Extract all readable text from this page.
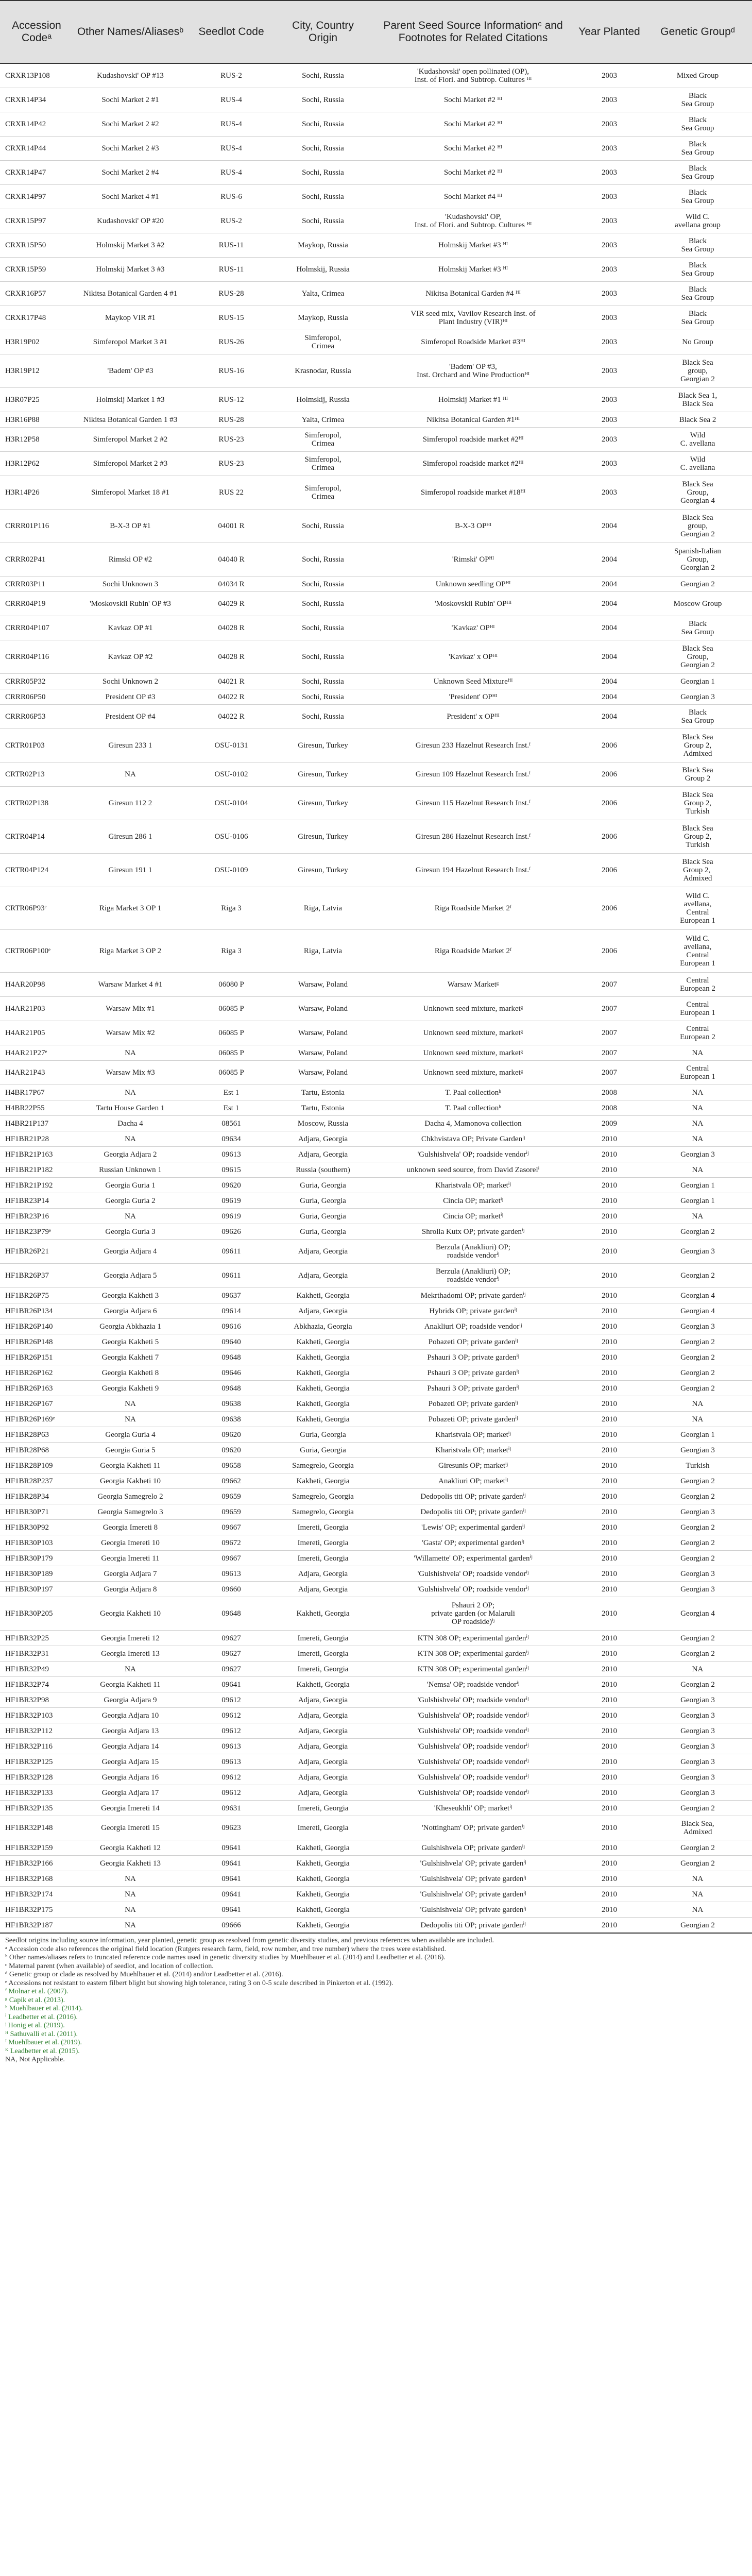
Accession Codeᵃ	Other Names/Aliasesᵇ	Seedlot Code	City, Country Origin	Parent Seed Source Informationᶜ and Footnotes for Related Citations	Year Planted	Genetic Groupᵈ
CRXR13P108	Kudashovski' OP #13	RUS-2	Sochi, Russia	'Kudashovski' open pollinated (OP),
Inst. of Flori. and Subtrop. Cultures ᴴᴵ	2003	Mixed Group
CRXR14P34	Sochi Market 2 #1	RUS-4	Sochi, Russia	Sochi Market #2 ᴴᴵ	2003	Black
Sea Group
CRXR14P42	Sochi Market 2 #2	RUS-4	Sochi, Russia	Sochi Market #2 ᴴᴵ	2003	Black
Sea Group
CRXR14P44	Sochi Market 2 #3	RUS-4	Sochi, Russia	Sochi Market #2 ᴴᴵ	2003	Black
Sea Group
CRXR14P47	Sochi Market 2 #4	RUS-4	Sochi, Russia	Sochi Market #2 ᴴᴵ	2003	Black
Sea Group
CRXR14P97	Sochi Market 4 #1	RUS-6	Sochi, Russia	Sochi Market #4 ᴴᴵ	2003	Black
Sea Group
CRXR15P97	Kudashovski' OP #20	RUS-2	Sochi, Russia	'Kudashovski' OP,
Inst. of Flori. and Subtrop. Cultures ᴴᴵ	2003	Wild C.
avellana group
CRXR15P50	Holmskij Market 3 #2	RUS-11	Maykop, Russia	Holmskij Market #3 ᴴᴵ	2003	Black
Sea Group
CRXR15P59	Holmskij Market 3 #3	RUS-11	Holmskij, Russia	Holmskij Market #3 ᴴᴵ	2003	Black
Sea Group
CRXR16P57	Nikitsa Botanical Garden 4 #1	RUS-28	Yalta, Crimea	Nikitsa Botanical Garden #4 ᴴᴵ	2003	Black
Sea Group
CRXR17P48	Maykop VIR #1	RUS-15	Maykop, Russia	VIR seed mix, Vavilov Research Inst. of
Plant Industry (VIR)ᴴᴵ	2003	Black
Sea Group
H3R19P02	Simferopol Market 3 #1	RUS-26	Simferopol,
Crimea	Simferopol Roadside Market #3ᴴᴵ	2003	No Group
H3R19P12	'Badem' OP #3	RUS-16	Krasnodar, Russia	'Badem' OP #3,
Inst. Orchard and Wine Productionᴴᴵ	2003	Black Sea
group,
Georgian 2
H3R07P25	Holmskij Market 1 #3	RUS-12	Holmskij, Russia	Holmskij Market #1 ᴴᴵ	2003	Black Sea 1,
Black Sea
H3R16P88	Nikitsa Botanical Garden 1 #3	RUS-28	Yalta, Crimea	Nikitsa Botanical Garden #1ᴴᴵ	2003	Black Sea 2
H3R12P58	Simferopol Market 2 #2	RUS-23	Simferopol,
Crimea	Simferopol roadside market #2ᴴᴵ	2003	Wild
C. avellana
H3R12P62	Simferopol Market 2 #3	RUS-23	Simferopol,
Crimea	Simferopol roadside market #2ᴴᴵ	2003	Wild
C. avellana
H3R14P26	Simferopol Market 18 #1	RUS 22	Simferopol,
Crimea	Simferopol roadside market #18ᴴᴵ	2003	Black Sea
Group,
Georgian 4
CRRR01P116	B-X-3 OP #1	04001 R	Sochi, Russia	B-X-3 OPᴴᴵ	2004	Black Sea
group,
Georgian 2
CRRR02P41	Rimski OP #2	04040 R	Sochi, Russia	'Rimski' OPᴴᴵ	2004	Spanish-Italian
Group,
Georgian 2
CRRR03P11	Sochi Unknown 3	04034 R	Sochi, Russia	Unknown seedling OPᴴᴵ	2004	Georgian 2
CRRR04P19	'Moskovskii Rubin' OP #3	04029 R	Sochi, Russia	'Moskovskii Rubin' OPᴴᴵ	2004	Moscow Group
CRRR04P107	Kavkaz OP #1	04028 R	Sochi, Russia	'Kavkaz' OPᴴᴵ	2004	Black
Sea Group
CRRR04P116	Kavkaz OP #2	04028 R	Sochi, Russia	'Kavkaz' x OPᴴᴵ	2004	Black Sea
Group,
Georgian 2
CRRR05P32	Sochi Unknown 2	04021 R	Sochi, Russia	Unknown Seed Mixtureᴴᴵ	2004	Georgian 1
CRRR06P50	President OP #3	04022 R	Sochi, Russia	'President' OPᴴᴵ	2004	Georgian 3
CRRR06P53	President OP #4	04022 R	Sochi, Russia	President' x OPᴴᴵ	2004	Black
Sea Group
CRTR01P03	Giresun 233 1	OSU-0⁠131	Giresun, Turkey	Giresun 233 Hazelnut Research Inst.ᶠ	2006	Black Sea
Group 2,
Admixed
CRTR02P13	NA	OSU-0⁠102	Giresun, Turkey	Giresun 109 Hazelnut Research Inst.ᶠ	2006	Black Sea
Group 2
CRTR02P138	Giresun 112 2	OSU-0⁠104	Giresun, Turkey	Giresun 115 Hazelnut Research Inst.ᶠ	2006	Black Sea
Group 2,
Turkish
CRTR04P14	Giresun 286 1	OSU-0⁠106	Giresun, Turkey	Giresun 286 Hazelnut Research Inst.ᶠ	2006	Black Sea
Group 2,
Turkish
CRTR04P124	Giresun 191 1	OSU-0⁠109	Giresun, Turkey	Giresun 194 Hazelnut Research Inst.ᶠ	2006	Black Sea
Group 2, ⁠⁠
Admixed
CRTR06P93ᵉ	Riga Market 3 OP 1	Riga 3	Riga, Latvia	Riga Roadside Market 2ᶠ	2006	Wild C.
avellana,
Central
European 1
CRTR06P100ᵉ	Riga Market 3 OP 2	Riga 3	Riga, Latvia	Riga Roadside Market 2ᶠ	2006	Wild C.
avellana,
Central
European 1
H4AR20P98	Warsaw Market 4 #1	06080 P	Warsaw, Poland	Warsaw Marketᵍ	2007	Central
European 2
H4AR21P03	Warsaw Mix #1	06085 P	Warsaw, Poland	Unknown seed mixture, marketᵍ	2007	Central
European 1
H4AR21P05	Warsaw Mix #2	06085 P	Warsaw, Poland	Unknown seed mixture, marketᵍ	2007	Central
European 2
H4AR21P27ᵉ	NA	06085 P	Warsaw, Poland	Unknown seed mixture, marketᵍ	2007	NA
H4AR21P43	Warsaw Mix #3	06085 P	Warsaw, Poland	Unknown seed mixture, marketᵍ	2007	Central
European 1
H4BR17P67	NA	Est 1	Tartu, Estonia	T. Paal collectionʰ	2008	NA
H4BR22P55	Tartu House Garden 1	Est 1	Tartu, Estonia	T. Paal collectionʰ	2008	NA
H4BR21P137	Dacha 4	08561	Moscow, Russia	Dacha 4, Mamonova collection	2009	NA
HF1BR21P28	NA	09634	Adjara, Georgia	Chkhvistava OP; Private Gardenⁱʲ	2010	NA
HF1BR21P163	Georgia Adjara 2	09613	Adjara, Georgia	'Gulshishvela' OP; roadside vendorⁱʲ	2010	Georgian 3
HF1BR21P182	Russian Unknown 1	09615	Russia (southern)	unknown seed source, from David Zasorelⁱ	2010	NA
HF1BR21P192	Georgia Guria 1	09620	Guria, Georgia	Kharistvala OP; marketⁱʲ	2010	Georgian 1
HF1BR23P14	Georgia Guria 2	09619	Guria, Georgia	Cincia OP; marketⁱʲ	2010	Georgian 1
HF1BR23P16	NA	09619	Guria, Georgia	Cincia OP; marketⁱʲ	2010	NA
HF1BR23P79ᵉ	Georgia Guria 3	09626	Guria, Georgia	Shrolia Kutx OP; private gardenⁱʲ	2010	Georgian 2
HF1BR26P21	Georgia Adjara 4	09611	Adjara, Georgia	Berzula (Anakliuri) OP;
roadside vendorⁱʲ	2010	Georgian 3
HF1BR26P37	Georgia Adjara 5	09611	Adjara, Georgia	Berzula (Anakliuri) OP;
roadside vendorⁱʲ	2010	Georgian 2
HF1BR26P75	Georgia Kakheti 3	09637	Kakheti, Georgia	Mekrthadomi OP; private gardenⁱʲ	2010	Georgian 4
HF1BR26P134	Georgia Adjara 6	09614	Adjara, Georgia	Hybrids OP; private gardenⁱʲ	2010	Georgian 4
HF1BR26P140	Georgia Abkhazia 1	09616	Abkhazia, Georgia	Anakliuri OP; roadside vendorⁱʲ	2010	Georgian 3
HF1BR26P148	Georgia Kakheti 5	09640	Kakheti, Georgia	Pobazeti OP; private gardenⁱʲ	2010	Georgian 2
HF1BR26P151	Georgia Kakheti 7	09648	Kakheti, Georgia	Pshauri 3 OP; private gardenⁱʲ	2010	Georgian 2
HF1BR26P162	Georgia Kakheti 8	09646	Kakheti, Georgia	Pshauri 3 OP; private gardenⁱʲ	2010	Georgian 2
HF1BR26P163	Georgia Kakheti 9	09648	Kakheti, Georgia	Pshauri 3 OP; private gardenⁱʲ	2010	Georgian 2
HF1BR26P167	NA	09638	Kakheti, Georgia	Pobazeti OP; private gardenⁱʲ	2010	NA
HF1BR26P169ᵉ	NA	09638	Kakheti, Georgia	Pobazeti OP; private gardenⁱʲ	2010	NA
HF1BR28P63	Georgia Guria 4	09620	Guria, Georgia	Kharistvala OP; marketⁱʲ	2010	Georgian 1
HF1BR28P68	Georgia Guria 5	09620	Guria, Georgia	Kharistvala OP; marketⁱʲ	2010	Georgian 3
HF1BR28P109	Georgia Kakheti 11	09658	Samegrelo, Georgia	Giresunis OP; marketⁱʲ	2010	Turkish
HF1BR28P237	Georgia Kakheti 10	09662	Kakheti, Georgia	Anakliuri OP; marketⁱʲ	2010	Georgian 2
HF1BR28P34	Georgia Samegrelo 2	09659	Samegrelo, Georgia	Dedopolis titi OP; private gardenⁱʲ	2010	Georgian 2
HF1BR30P71	Georgia Samegrelo 3	09659	Samegrelo, Georgia	Dedopolis titi OP; private gardenⁱʲ	2010	Georgian 3
HF1BR30P92	Georgia Imereti 8	09667	Imereti, Georgia	'Lewis' OP; experimental gardenⁱʲ	2010	Georgian 2
HF1BR30P103	Georgia Imereti 10	09672	Imereti, Georgia	'Gasta' OP; experimental gardenⁱʲ	2010	Georgian 2
HF1BR30P179	Georgia Imereti 11	09667	Imereti, Georgia	'Willamette' OP; experimental gardenⁱʲ	2010	Georgian 2
HF1BR30P189	Georgia Adjara 7	09613	Adjara, Georgia	'Gulshishvela' OP; roadside vendorⁱʲ	2010	Georgian 3
HF1BR30P197	Georgia Adjara 8	09660	Adjara, Georgia	'Gulshishvela' OP; roadside vendorⁱʲ	2010	Georgian 3
HF1BR30P205	Georgia Kakheti 10	09648	Kakheti, Georgia	Pshauri 2 OP;
private garden (or Malaruli
OP roadside)ⁱʲ	2010	Georgian 4
HF1BR32P25	Georgia Imereti 12	09627	Imereti, Georgia	KTN 308 OP; experimental gardenⁱʲ	2010	Georgian 2
HF1BR32P31	Georgia Imereti 13	09627	Imereti, Georgia	KTN 308 OP; experimental gardenⁱʲ	2010	Georgian 2
HF1BR32P49	NA	09627	Imereti, Georgia	KTN 308 OP; experimental gardenⁱʲ	2010	NA
HF1BR32P74	Georgia Kakheti 11	09641	Kakheti, Georgia	'Nemsa' OP; roadside vendorⁱʲ	2010	Georgian 2
HF1BR32P98	Georgia Adjara 9	09612	Adjara, Georgia	'Gulshishvela' OP; roadside vendorⁱʲ	2010	Georgian 3
HF1BR32P103	Georgia Adjara 10	09612	Adjara, Georgia	'Gulshishvela' OP; roadside vendorⁱʲ	2010	Georgian 3
HF1BR32P112	Georgia Adjara 13	09612	Adjara, Georgia	'Gulshishvela' OP; roadside vendorⁱʲ	2010	Georgian 3
HF1BR32P116	Georgia Adjara 14	09613	Adjara, Georgia	'Gulshishvela' OP; roadside vendorⁱʲ	2010	Georgian 3
HF1BR32P125	Georgia Adjara 15	09613	Adjara, Georgia	'Gulshishvela' OP; roadside vendorⁱʲ	2010	Georgian 3
HF1BR32P128	Georgia Adjara 16	09612	Adjara, Georgia	'Gulshishvela' OP; roadside vendorⁱʲ	2010	Georgian 3
HF1BR32P133	Georgia Adjara 17	09612	Adjara, Georgia	'Gulshishvela' OP; roadside vendorⁱʲ	2010	Georgian 3
HF1BR32P135	Georgia Imereti 14	09631	Imereti, Georgia	'Kheseukhli' OP; marketⁱʲ	2010	Georgian 2
HF1BR32P148	Georgia Imereti 15	09623	Imereti, Georgia	'Nottingham' OP; private gardenⁱʲ	2010	Black Sea,
Admixed
HF1BR32P159	Georgia Kakheti 12	09641	Kakheti, Georgia	Gulshishvela OP; private gardenⁱʲ	2010	Georgian 2
HF1BR32P166	Georgia Kakheti 13	09641	Kakheti, Georgia	'Gulshishvela' OP; private gardenⁱʲ	2010	Georgian 2
HF1BR32P168	NA	09641	Kakheti, Georgia	'Gulshishvela' OP; private gardenⁱʲ	2010	NA
HF1BR32P174	NA	09641	Kakheti, Georgia	'Gulshishvela' OP; private gardenⁱʲ	2010	NA
HF1BR32P175	NA	09641	Kakheti, Georgia	'Gulshishvela' OP; private gardenⁱʲ	2010	NA
HF1BR32P187	NA	09666	Kakheti, Georgia	Dedopolis titi OP; private gardenⁱʲ	2010	Georgian 2
Seedlot origins including source information, year planted, genetic group as resolved from genetic diversity studies, and previous references when available are included.
ᵃ Accession code also references the original field location (Rutgers research farm, field, row number, and tree number) where the trees were established.
ᵇ Other names/aliases refers to truncated reference code names used in genetic diversity studies by Muehlbauer et al. (2014) and Leadbetter et al. (2016).
ᶜ Maternal parent (when available) of seedlot, and location of collection.
ᵈ Genetic group or clade as resolved by Muehlbauer et al. (2014) and/or Leadbetter et al. (2016).
ᵉ Accessions not resistant to eastern filbert blight but showing high tolerance, rating 3 on 0-5 scale described in Pinkerton et al. (1992).
ᶠ Molnar et al. (2007).
ᵍ Capik et al. (2013).
ʰ Muehlbauer et al. (2014).
ⁱ Leadbetter et al. (2016).
ʲ Honig et al. (2019).
ᴴ Sathuvalli et al. (2011).
ᴵ Muehlbauer et al. (2019).
ᴷ Leadbetter et al. (2015).
NA, Not Applicable.
